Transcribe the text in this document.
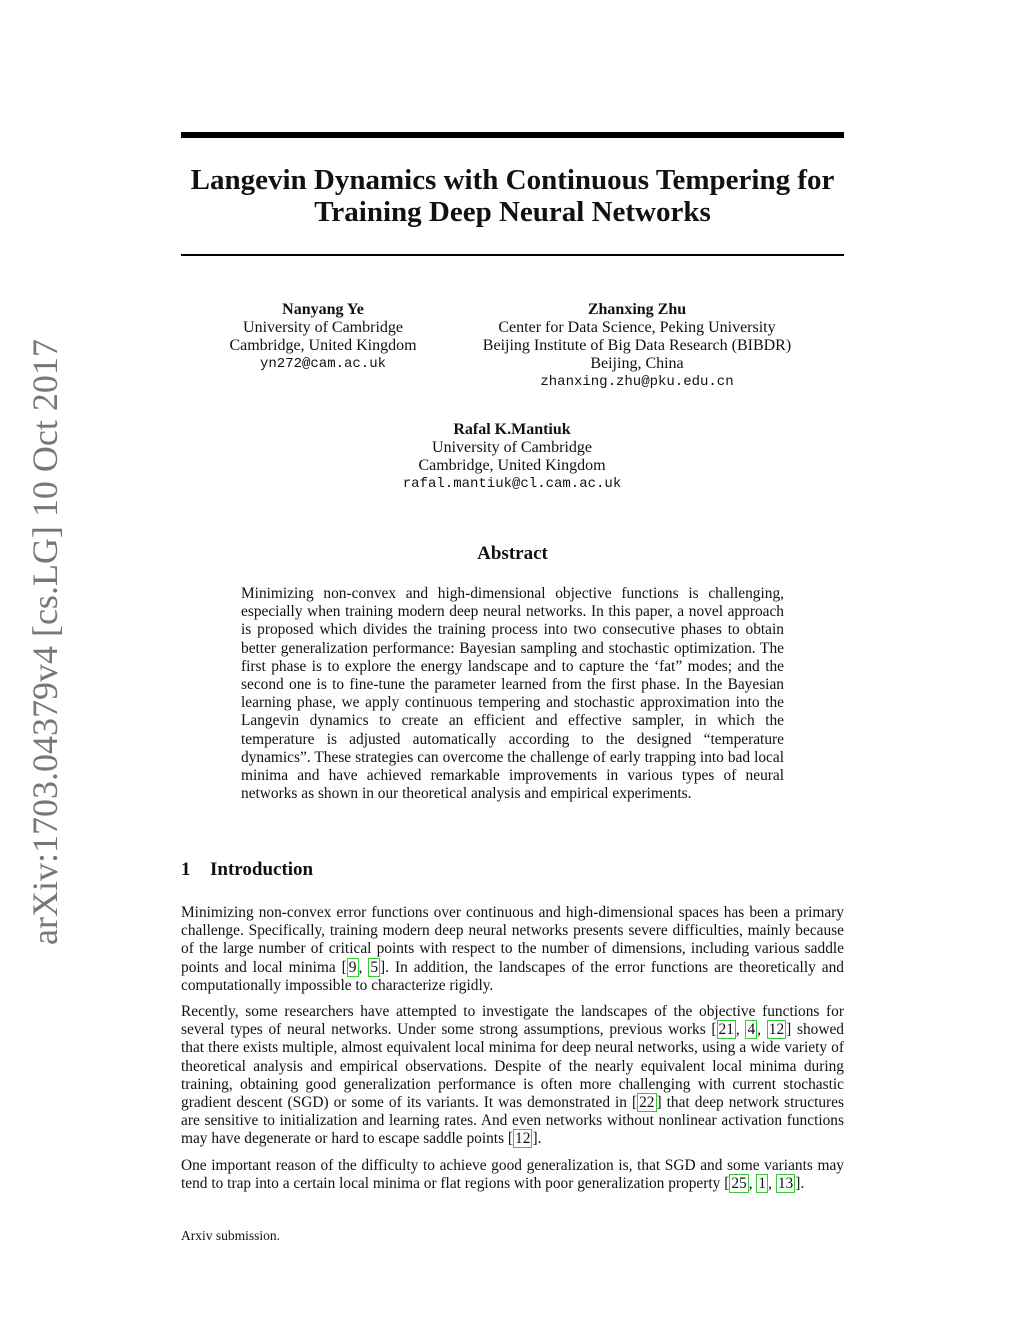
arXiv:1703.04379v4 [cs.LG] 10 Oct 2017
Langevin Dynamics with Continuous Tempering for Training Deep Neural Networks
Nanyang Ye
University of Cambridge
Cambridge, United Kingdom
yn272@cam.ac.uk
Zhanxing Zhu
Center for Data Science, Peking University
Beijing Institute of Big Data Research (BIBDR)
Beijing, China
zhanxing.zhu@pku.edu.cn
Rafal K.Mantiuk
University of Cambridge
Cambridge, United Kingdom
rafal.mantiuk@cl.cam.ac.uk
Abstract

Minimizing non-convex and high-dimensional objective functions is challenging, especially when training modern deep neural networks. In this paper, a novel approach is proposed which divides the training process into two consecutive phases to obtain better generalization performance: Bayesian sampling and stochastic optimization. The first phase is to explore the energy landscape and to capture the ‘fat” modes; and the second one is to fine-tune the parameter learned from the first phase. In the Bayesian learning phase, we apply continuous tempering and stochastic approximation into the Langevin dynamics to create an efficient and effective sampler, in which the temperature is adjusted automatically according to the designed “temperature dynamics”. These strategies can overcome the challenge of early trapping into bad local minima and have achieved remarkable improvements in various types of neural networks as shown in our theoretical analysis and empirical experiments.

1 Introduction

Minimizing non-convex error functions over continuous and high-dimensional spaces has been a primary challenge. Specifically, training modern deep neural networks presents severe difficulties, mainly because of the large number of critical points with respect to the number of dimensions, including various saddle points and local minima [ 9 , 5 ]. In addition, the landscapes of the error functions are theoretically and computationally impossible to characterize rigidly.

Recently, some researchers have attempted to investigate the landscapes of the objective functions for several types of neural networks. Under some strong assumptions, previous works [ 21 , 4 , 12 ] showed that there exists multiple, almost equivalent local minima for deep neural networks, using a wide variety of theoretical analysis and empirical observations. Despite of the nearly equivalent local minima during training, obtaining good generalization performance is often more challenging with current stochastic gradient descent (SGD) or some of its variants. It was demonstrated in [ 22 ] that deep network structures are sensitive to initialization and learning rates. And even networks without nonlinear activation functions may have degenerate or hard to escape saddle points [ 12 ].

One important reason of the difficulty to achieve good generalization is, that SGD and some variants may tend to trap into a certain local minima or flat regions with poor generalization property [ 25 , 1 , 13 ].

Arxiv submission.
